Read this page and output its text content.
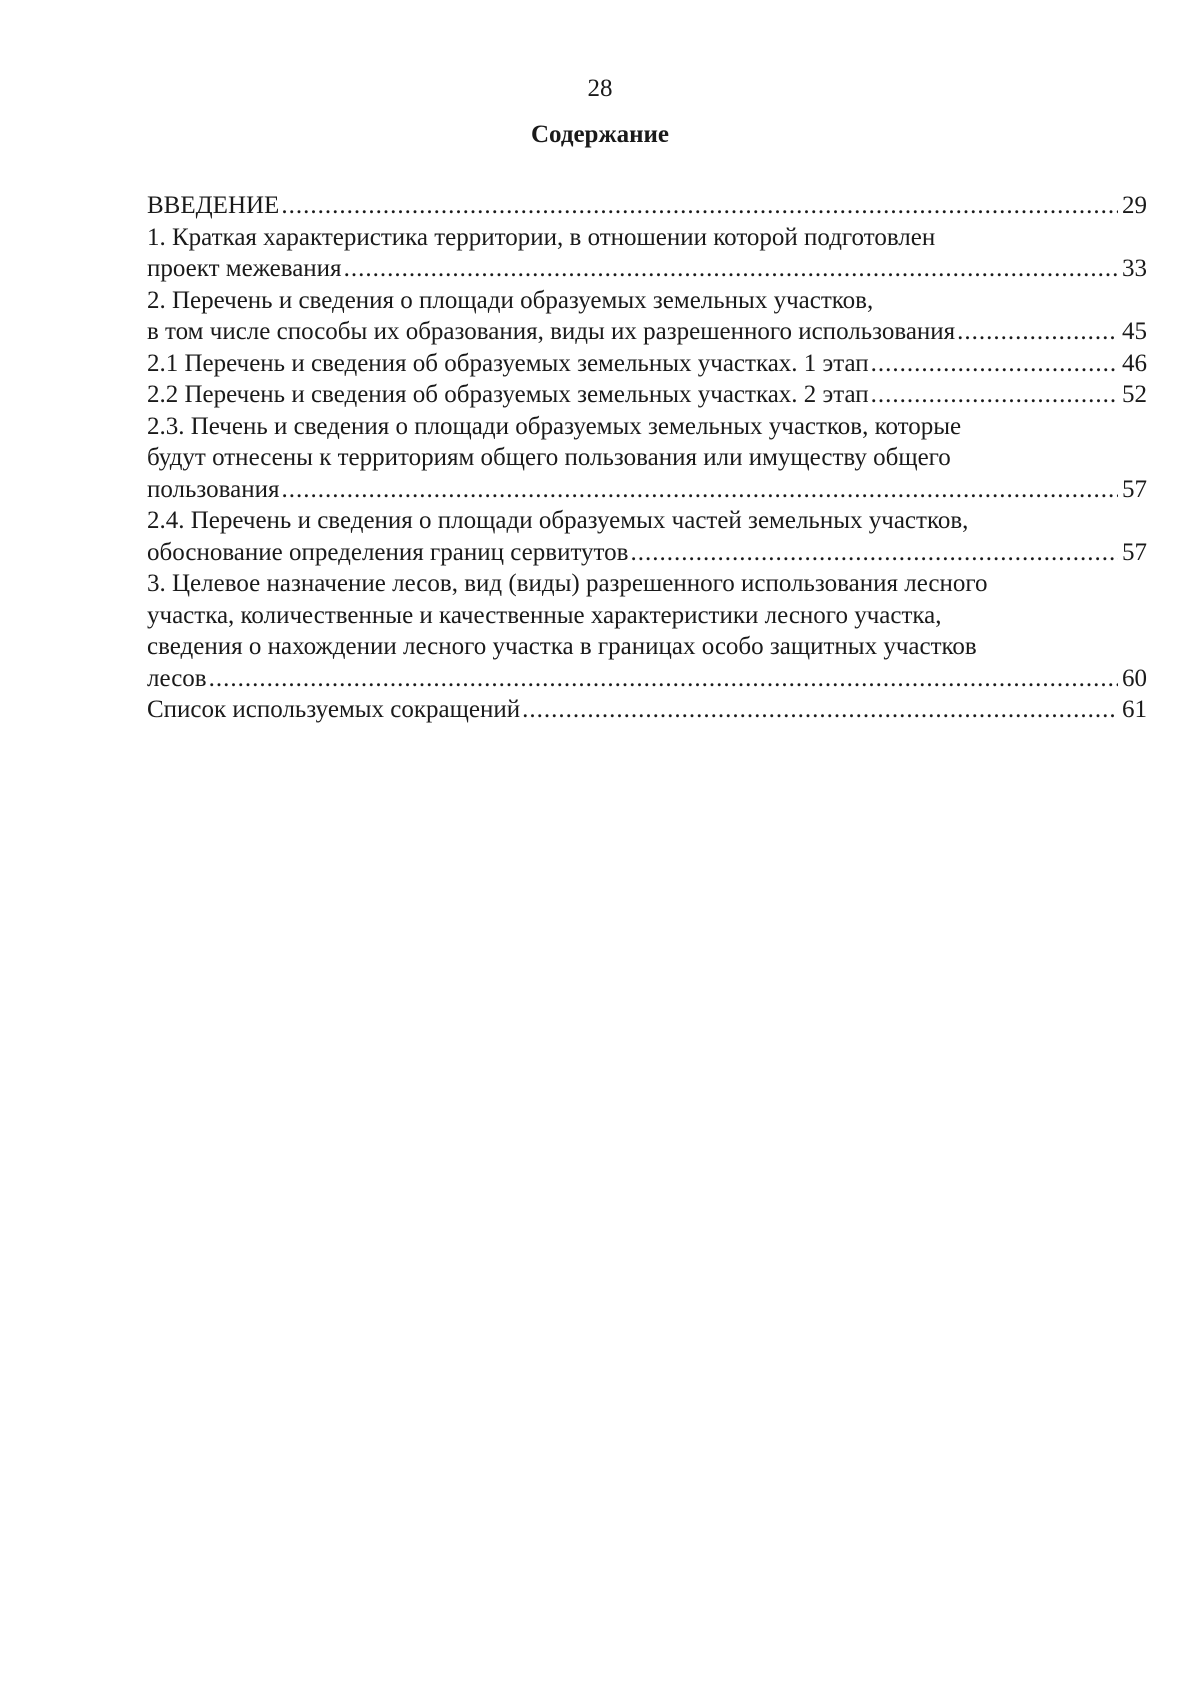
28
Содержание
ВВЕДЕНИЕ .....	29
1. Краткая характеристика территории, в отношении которой подготовлен
проект межевания .....	33
2. Перечень и сведения о площади образуемых земельных участков,
в том числе способы их образования, виды их разрешенного использования .....	45
2.1 Перечень и сведения об образуемых земельных участках. 1 этап .....	46
2.2 Перечень и сведения об образуемых земельных участках. 2 этап .....	52
2.3. Печень и сведения о площади образуемых земельных участков, которые
будут отнесены к территориям общего пользования или имуществу общего
пользования .....	57
2.4. Перечень и сведения о площади образуемых частей земельных участков,
обоснование определения границ сервитутов .....	57
3. Целевое назначение лесов, вид (виды) разрешенного использования лесного
участка, количественные и качественные характеристики лесного участка,
сведения о нахождении лесного участка в границах особо защитных участков
лесов .....	60
Список используемых сокращений .....	61
